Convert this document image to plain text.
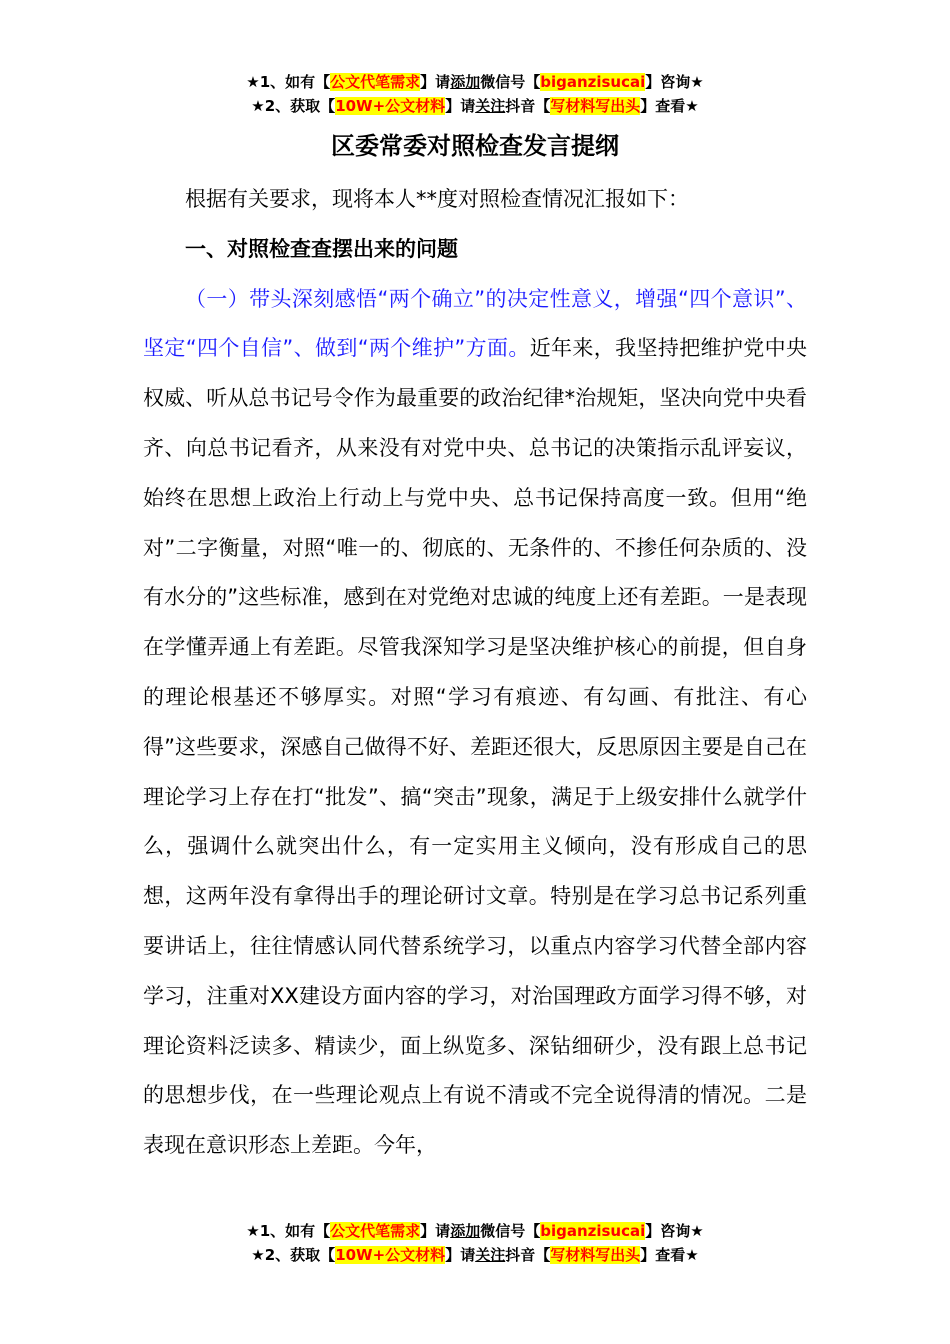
★1、如有【公文代笔需求】请添加微信号【biganzisucai】咨询★
★2、获取【10W+公文材料】请关注抖音【写材料写出头】查看★
区委常委对照检查发言提纲

根据有关要求，现将本人**度对照检查情况汇报如下：

一、对照检查查摆出来的问题

（一）带头深刻感悟“两个确立”的决定性意义，增强“四个意识”、坚定“四个自信”、做到“两个维护”方面。近年来，我坚持把维护党中央权威、听从总书记号令作为最重要的政治纪律*治规矩，坚决向党中央看齐、向总书记看齐，从来没有对党中央、总书记的决策指示乱评妄议，始终在思想上政治上行动上与党中央、总书记保持高度一致。但用“绝对”二字衡量，对照“唯一的、彻底的、无条件的、不掺任何杂质的、没有水分的”这些标准，感到在对党绝对忠诚的纯度上还有差距。一是表现在学懂弄通上有差距。尽管我深知学习是坚决维护核心的前提，但自身的理论根基还不够厚实。对照“学习有痕迹、有勾画、有批注、有心得”这些要求，深感自己做得不好、差距还很大，反思原因主要是自己在理论学习上存在打“批发”、搞“突击”现象，满足于上级安排什么就学什么，强调什么就突出什么，有一定实用主义倾向，没有形成自己的思想，这两年没有拿得出手的理论研讨文章。特别是在学习总书记系列重要讲话上，往往情感认同代替系统学习，以重点内容学习代替全部内容学习，注重对XX建设方面内容的学习，对治国理政方面学习得不够，对理论资料泛读多、精读少，面上纵览多、深钻细研少，没有跟上总书记的思想步伐，在一些理论观点上有说不清或不完全说得清的情况。二是表现在意识形态上差距。今年，

★1、如有【公文代笔需求】请添加微信号【biganzisucai】咨询★
★2、获取【10W+公文材料】请关注抖音【写材料写出头】查看★
